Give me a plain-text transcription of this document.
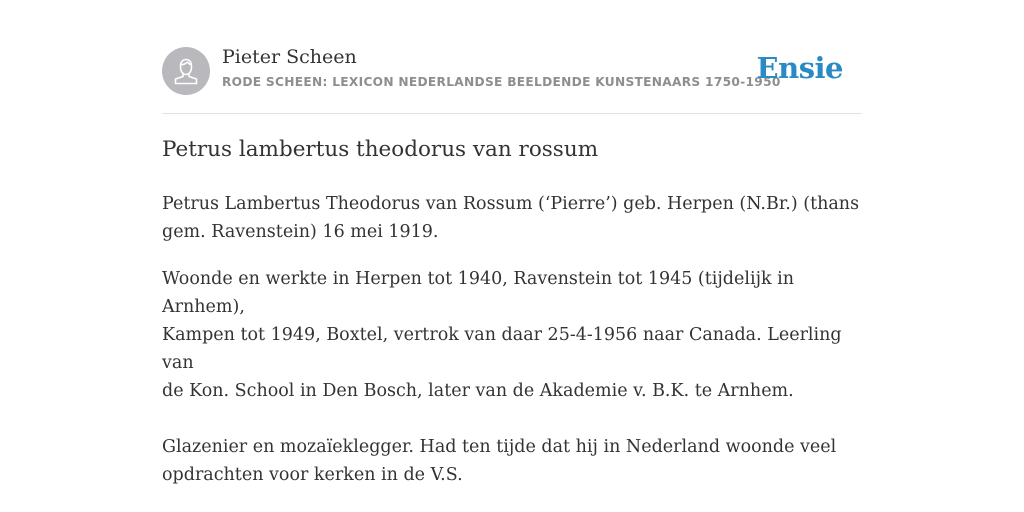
Pieter Scheen
RODE SCHEEN: LEXICON NEDERLANDSE BEELDENDE KUNSTENAARS 1750-1950
Ensie
Petrus lambertus theodorus van rossum

Petrus Lambertus Theodorus van Rossum (‘Pierre’) geb. Herpen (N.Br.) (thans
gem. Ravenstein) 16 mei 1919.

Woonde en werkte in Herpen tot 1940, Ravenstein tot 1945 (tijdelijk in Arnhem),
Kampen tot 1949, Boxtel, vertrok van daar 25-4-1956 naar Canada. Leerling van
de Kon. School in Den Bosch, later van de Akademie v. B.K. te Arnhem.

Glazenier en mozaïeklegger. Had ten tijde dat hij in Nederland woonde veel
opdrachten voor kerken in de V.S.
